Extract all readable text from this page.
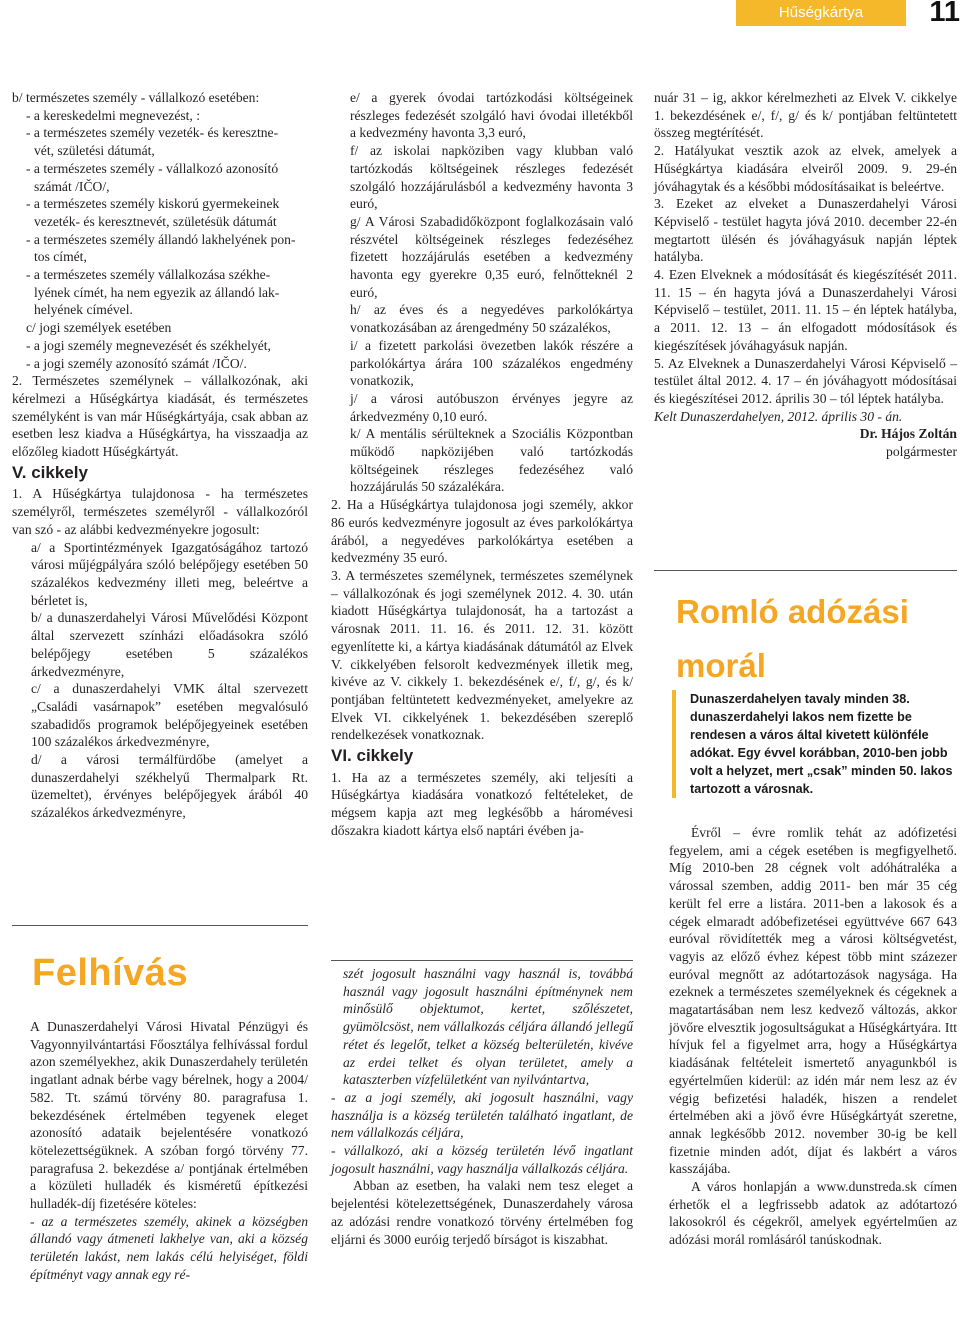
Hűségkártya	11

b/ természetes személy - vállalkozó esetében:

- a kereskedelmi megnevezést, :

- a természetes személy vezeték- és keresztne-

vét, születési dátumát,

- a természetes személy - vállalkozó azonosító

számát /IČO/,

- a természetes személy kiskorú gyermekeinek

vezeték- és keresztnevét, születésük dátumát

- a természetes személy állandó lakhelyének pon-

tos címét,

- a természetes személy vállalkozása székhe-

lyének címét, ha nem egyezik az állandó lak-

helyének címével.

c/ jogi személyek esetében

- a jogi személy megnevezését és székhelyét,

- a jogi személy azonosító számát /IČO/.

2. Természetes személynek – vállalkozónak, aki kérelmezi a Hűségkártya kiadását, és természetes személyként is van már Hűségkártyája, csak abban az esetben lesz kiadva a Hűségkártya, ha visszaadja az előzőleg kiadott Hűségkártyát.

V. cikkely

1. A Hűségkártya tulajdonosa - ha természetes személyről, természetes személyről - vállalkozóról van szó - az alábbi kedvezményekre jogosult:

a/ a Sportintézmények Igazgatóságához tartozó városi műjégpályára szóló belépőjegy esetében 50 százalékos kedvezmény illeti meg, beleértve a bérletet is,

b/ a dunaszerdahelyi Városi Művelődési Központ által szervezett színházi előadásokra szóló belépőjegy esetében 5 százalékos árkedvezményre,

c/ a dunaszerdahelyi VMK által szervezett „Családi vasárnapok” esetében megvalósuló szabadidős programok belépőjegyeinek esetében 100 százalékos árkedvezményre,

d/ a városi termálfürdőbe (amelyet a dunaszerdahelyi székhelyű Thermalpark Rt. üzemeltet), érvényes belépőjegyek árából 40 százalékos árkedvezményre,

e/ a gyerek óvodai tartózkodási költségeinek részleges fedezését szolgáló havi óvodai illetékből a kedvezmény havonta 3,3 euró,

f/ az iskolai napköziben vagy klubban való tartózkodás költségeinek részleges fedezését szolgáló hozzájárulásból a kedvezmény havonta 3 euró,

g/ A Városi Szabadidőközpont foglalkozásain való részvétel költségeinek részleges fedezéséhez fizetett hozzájárulás esetében a kedvezmény havonta egy gyerekre 0,35 euró, felnőtteknél 2 euró,

h/ az éves és a negyedéves parkolókártya vonatkozásában az árengedmény 50 százalékos,

i/ a fizetett parkolási övezetben lakók részére a parkolókártya árára 100 százalékos engedmény vonatkozik,

j/ a városi autóbuszon érvényes jegyre az árkedvezmény 0,10 euró.

k/ A mentális sérülteknek a Szociális Központban működő napközijében való tartózkodás költségeinek részleges fedezéséhez való hozzájárulás 50 százalékára.

2. Ha a Hűségkártya tulajdonosa jogi személy, akkor 86 eurós kedvezményre jogosult az éves parkolókártya árából, a negyedéves parkolókártya esetében a kedvezmény 35 euró.

3. A természetes személynek, természetes személynek – vállalkozónak és jogi személynek 2012. 4. 30. után kiadott Hűségkártya tulajdonosát, ha a tartozást a városnak 2011. 11. 16. és 2011. 12. 31. között egyenlítette ki, a kártya kiadásának dátumától az Elvek V. cikkelyében felsorolt kedvezmények illetik meg, kivéve az V. cikkely 1. bekezdésének e/, f/, g/, és k/ pontjában feltüntetett kedvezményeket, amelyekre az Elvek VI. cikkelyének 1. bekezdésében szereplő rendelkezések vonatkoznak.

VI. cikkely

1. Ha az a természetes személy, aki teljesíti a Hűségkártya kiadására vonatkozó feltételeket, de mégsem kapja azt meg legkésőbb a háromévesi dőszakra kiadott kártya első naptári évében ja-

nuár 31 – ig, akkor kérelmezheti az Elvek V. cikkelye 1. bekezdésének e/, f/, g/ és k/ pontjában feltüntetett összeg megtérítését.

2. Hatályukat vesztik azok az elvek, amelyek a Hűségkártya kiadására elveiről 2009. 9. 29-én jóváhagytak és a későbbi módosításaikat is beleértve.

3. Ezeket az elveket a Dunaszerdahelyi Városi Képviselő - testület hagyta jóvá 2010. december 22-én megtartott ülésén és jóváhagyásuk napján léptek hatályba.

4. Ezen Elveknek a módosítását és kiegészítését 2011. 11. 15 – én hagyta jóvá a Dunaszerdahelyi Városi Képviselő – testület, 2011. 11. 15 – én léptek hatályba, a 2011. 12. 13 – án elfogadott módosítások és kiegészítések jóváhagyásuk napján.

5. Az Elveknek a Dunaszerdahelyi Városi Képviselő – testület által 2012. 4. 17 – én jóváhagyott módosításai és kiegészítései 2012. április 30 – tól léptek hatályba.

Kelt Dunaszerdahelyen, 2012. április 30 - án.

Dr. Hájos Zoltán

polgármester

Felhívás

A Dunaszerdahelyi Városi Hivatal Pénzügyi és Vagyonnyilvántartási Főosztálya felhívással fordul azon személyekhez, akik Dunaszerdahely területén ingatlant adnak bérbe vagy bérelnek, hogy a 2004/ 582. Tt. számú törvény 80. paragrafusa 1. bekezdésének értelmében tegyenek eleget azonosító adataik bejelentésére vonatkozó kötelezettségüknek. A szóban forgó törvény 77. paragrafusa 2. bekezdése a/ pontjának értelmében a közületi hulladék és kisméretű építkezési hulladék-díj fizetésére köteles:

- az a természetes személy, akinek a községben állandó vagy átmeneti lakhelye van, aki a község területén lakást, nem lakás célú helyiséget, földi építményt vagy annak egy ré-

szét jogosult használni vagy használ is, továbbá használ vagy jogosult használni építménynek nem minősülő objektumot, kertet, szőlészetet, gyümölcsöst, nem vállalkozás céljára állandó jellegű rétet és legelőt, telket a község belterületén, kivéve az erdei telket és olyan területet, amely a kataszterben vízfelületként van nyilvántartva,

- az a jogi személy, aki jogosult használni, vagy használja is a község területén található ingatlant, de nem vállalkozás céljára,

- vállalkozó, aki a község területén lévő ingatlant jogosult használni, vagy használja vállalkozás céljára.

Abban az esetben, ha valaki nem tesz eleget a bejelentési kötelezettségének, Dunaszerdahely városa az adózási rendre vonatkozó törvény értelmében fog eljárni és 3000 euróig terjedő bírságot is kiszabhat.

Romló adózási
morál
Dunaszerdahelyen tavaly minden 38. dunaszerdahelyi lakos nem fizette be rendesen a város által kivetett különféle adókat. Egy évvel korábban, 2010-ben jobb volt a helyzet, mert „csak” minden 50. lakos tartozott a városnak.

Évről – évre romlik tehát az adófizetési fegyelem, ami a cégek esetében is megfigyelhető. Míg 2010-ben 28 cégnek volt adóhátraléka a várossal szemben, addig 2011- ben már 35 cég került fel erre a listára. 2011-ben a lakosok és a cégek elmaradt adóbefizetései együttvéve 667 643 euróval rövidítették meg a városi költségvetést, vagyis az előző évhez képest több mint százezer euróval megnőtt az adótartozások nagysága. Ha ezeknek a természetes személyeknek és cégeknek a magatartásában nem lesz kedvező változás, akkor jövőre elvesztik jogosultságukat a Hűségkártyára. Itt hívjuk fel a figyelmet arra, hogy a Hűségkártya kiadásának feltételeit ismertető anyagunkból is egyértelműen kiderül: az idén már nem lesz az év végig befizetési haladék, hiszen a rendelet értelmében aki a jövő évre Hűségkártyát szeretne, annak legkésőbb 2012. november 30-ig be kell fizetnie minden adót, díjat és lakbért a város kasszájába.

A város honlapján a www.dunstreda.sk címen érhetők el a legfrissebb adatok az adótartozó lakosokról és cégekről, amelyek egyértelműen az adózási morál romlásáról tanúskodnak.
